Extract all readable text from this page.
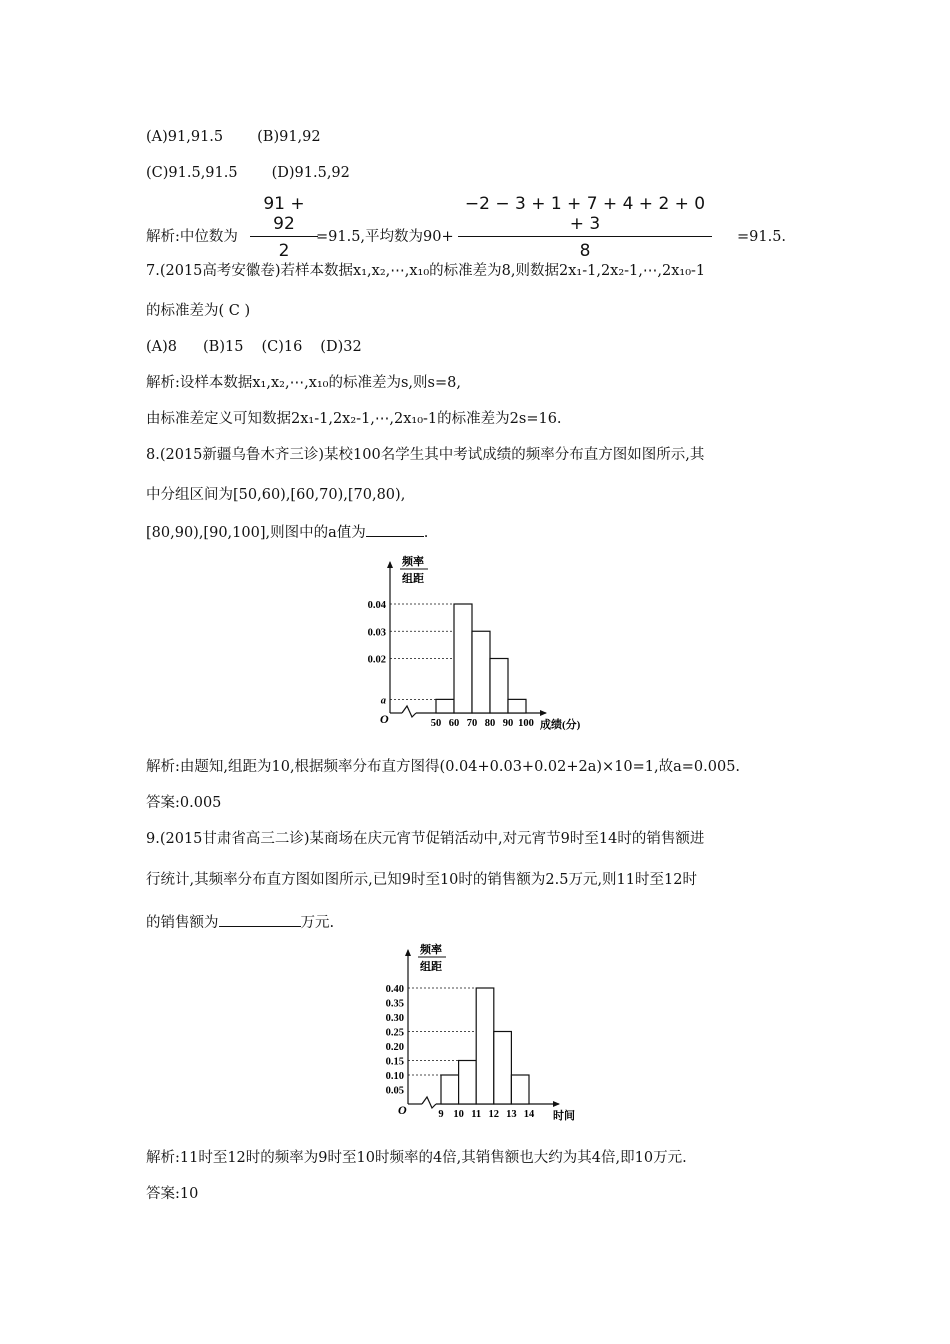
(A)91,91.5 (B)91,92
(C)91.5,91.5 (D)91.5,92
$\frac{91 + 92}{2}$	$\frac{-2 - 3 + 1 + 7 + 4 + 2 + 0 + 3}{8}$
解析:中位数为	=91.5,平均数为90+	=91.5.
7.(2015高考安徽卷)若样本数据x₁,x₂,⋯,x₁₀的标准差为8,则数据2x₁-1,2x₂-1,⋯,2x₁₀-1
的标准差为( C )
(A)8 (B)15 (C)16 (D)32
解析:设样本数据x₁,x₂,⋯,x₁₀的标准差为s,则s=8,
由标准差定义可知数据2x₁-1,2x₂-1,⋯,2x₁₀-1的标准差为2s=16.
8.(2015新疆乌鲁木齐三诊)某校100名学生其中考试成绩的频率分布直方图如图所示,其
中分组区间为[50,60),[60,70),[70,80),
[80,90),[90,100],则图中的a值为	.
O
频率
组距
a
0.02
0.03
0.04
50 60 70 80 90 100 成绩(分)
解析:由题知,组距为10,根据频率分布直方图得(0.04+0.03+0.02+2a)×10=1,故a=0.005.
答案:0.005
9.(2015甘肃省高三二诊)某商场在庆元宵节促销活动中,对元宵节9时至14时的销售额进
行统计,其频率分布直方图如图所示,已知9时至10时的销售额为2.5万元,则11时至12时
的销售额为	万元.
O
频率
组距
0.05
0.10
0.15
0.20
0.25
0.30
0.35
0.40
9 10 11 12 13 14 时间
解析:11时至12时的频率为9时至10时频率的4倍,其销售额也大约为其4倍,即10万元.
答案:10
